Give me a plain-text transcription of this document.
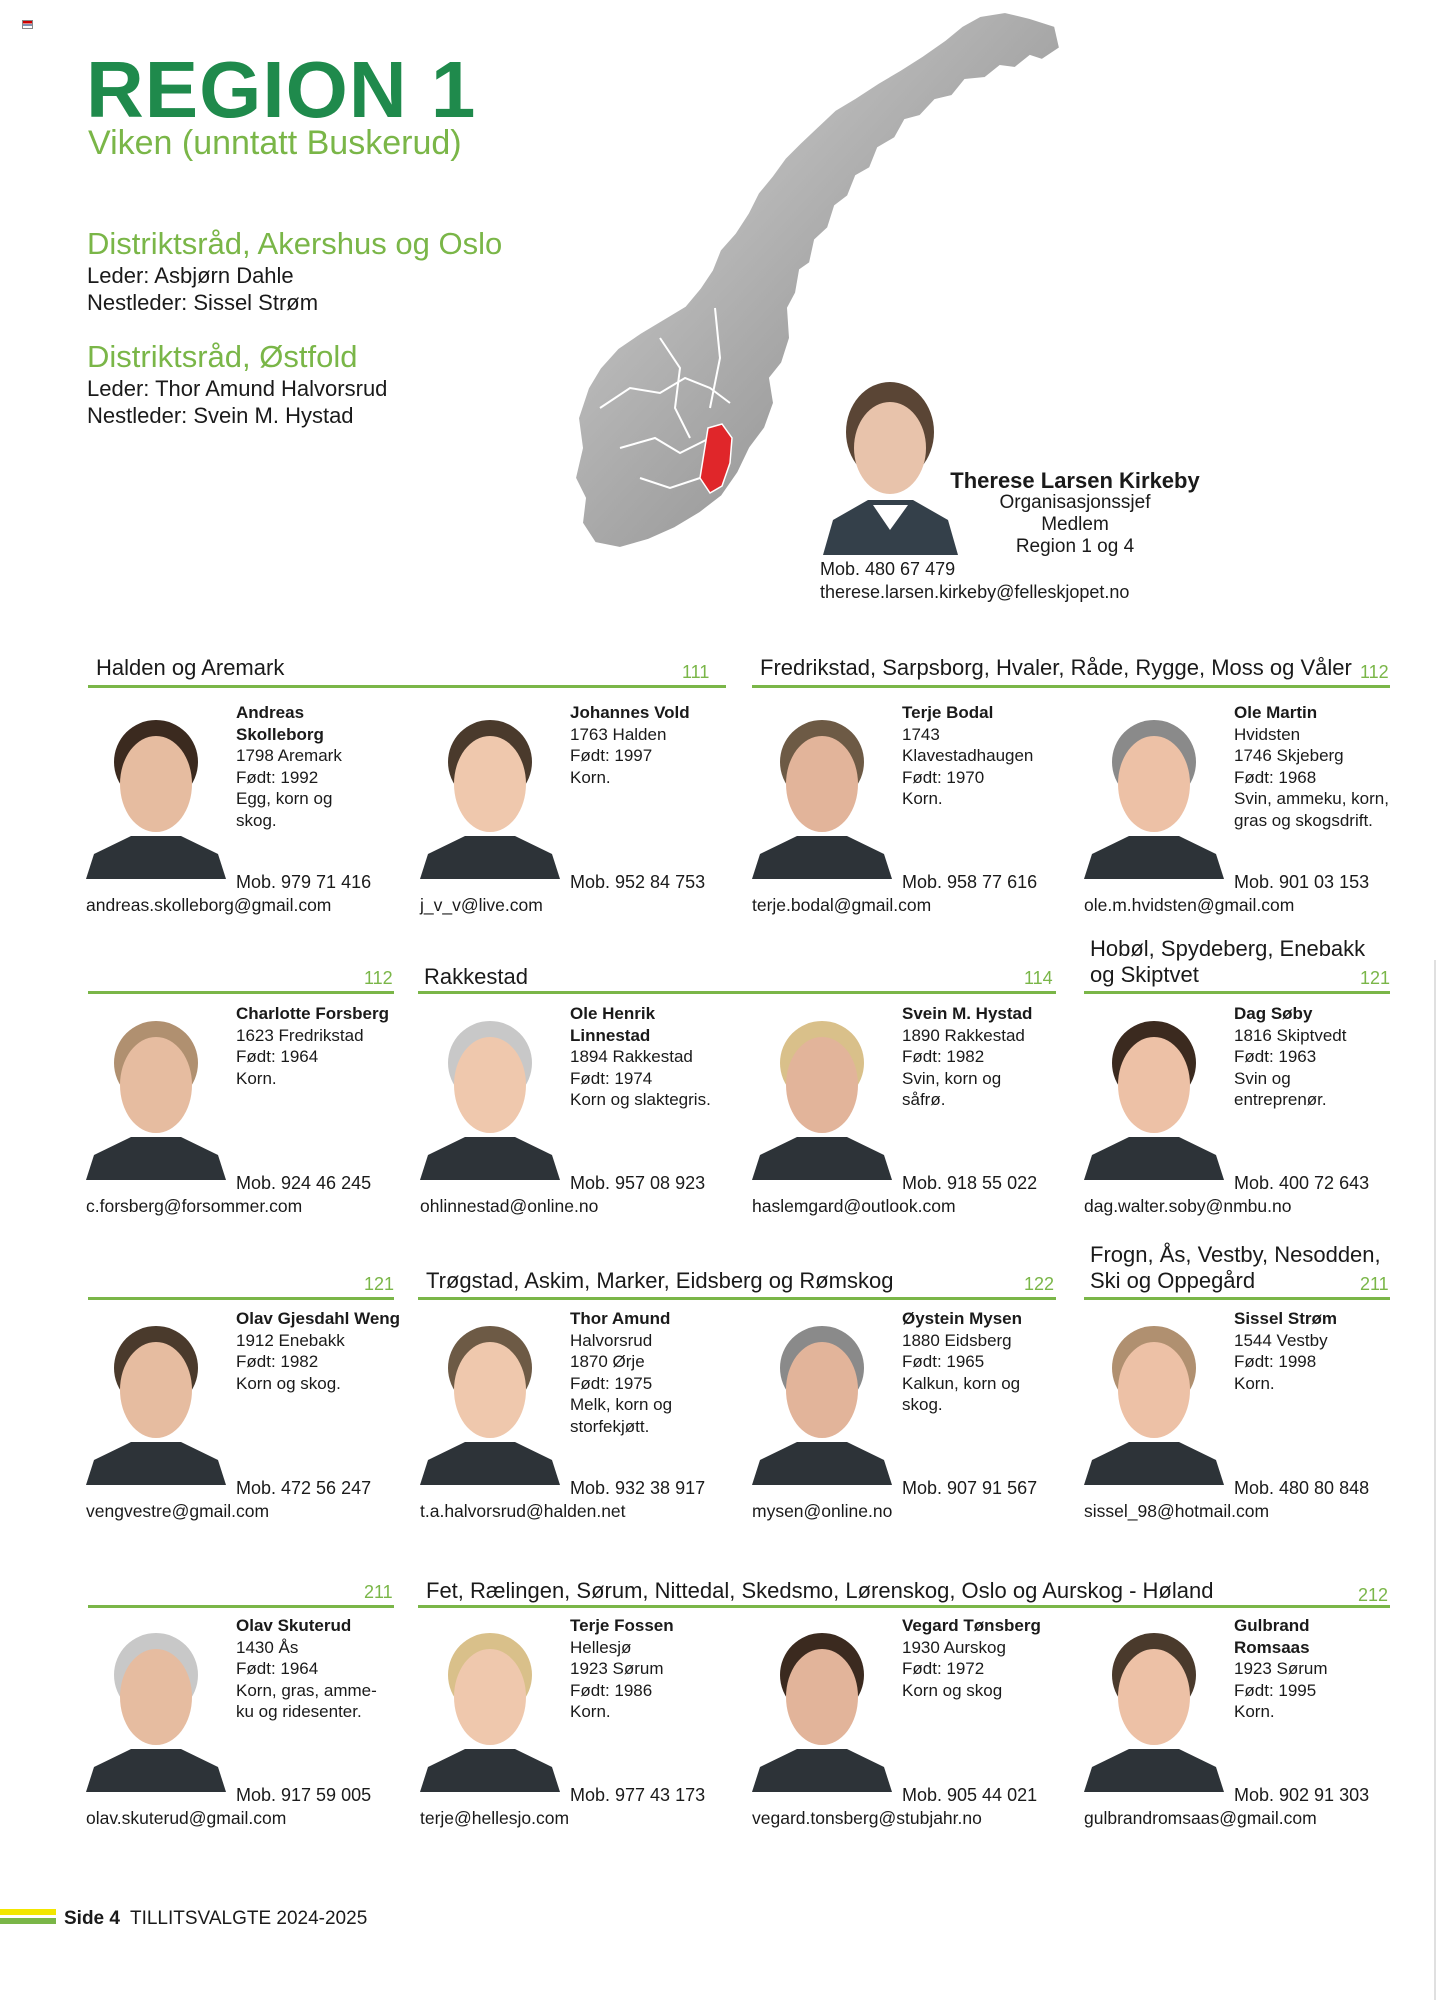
REGION 1
Viken (unntatt Buskerud)
Distriktsråd, Akershus og Oslo
Leder: Asbjørn Dahle
Nestleder: Sissel Strøm
Distriktsråd, Østfold
Leder: Thor Amund Halvorsrud
Nestleder: Svein M. Hystad
Therese Larsen Kirkeby
Organisasjonssjef
Medlem
Region 1 og 4
Mob. 480 67 479
therese.larsen.kirkeby@felleskjopet.no
Halden og Aremark	111 Fredrikstad, Sarpsborg, Hvaler, Råde, Rygge, Moss og Våler 112
112 Rakkestad	114
Hobøl, Spydeberg, Enebakk
og Skiptvet	121
121 Trøgstad, Askim, Marker, Eidsberg og Rømskog	122
Frogn, Ås, Vestby, Nesodden,
Ski og Oppegård	211
211 Fet, Rælingen, Sørum, Nittedal, Skedsmo, Lørenskog, Oslo og Aurskog - Høland	212
Andreas
Skolleborg
1798 Aremark
Født: 1992
Egg, korn og
skog.
Mob. 979 71 416
andreas.skolleborg@gmail.com
Johannes Vold
1763 Halden
Født: 1997
Korn.
Mob. 952 84 753
j_v_v@live.com
Terje Bodal
1743
Klavestadhaugen
Født: 1970
Korn.
Mob. 958 77 616
terje.bodal@gmail.com
Ole Martin
Hvidsten
1746 Skjeberg
Født: 1968
Svin, ammeku, korn,
gras og skogsdrift.
Mob. 901 03 153
ole.m.hvidsten@gmail.com
Charlotte Forsberg
1623 Fredrikstad
Født: 1964
Korn.
Mob. 924 46 245
c.forsberg@forsommer.com
Ole Henrik Linnestad
1894 Rakkestad
Født: 1974
Korn og slaktegris.
Mob. 957 08 923
ohlinnestad@online.no
Svein M. Hystad
1890 Rakkestad
Født: 1982
Svin, korn og
såfrø.
Mob. 918 55 022
haslemgard@outlook.com
Dag Søby
1816 Skiptvedt
Født: 1963
Svin og
entreprenør.
Mob. 400 72 643
dag.walter.soby@nmbu.no
Olav Gjesdahl Weng
1912 Enebakk
Født: 1982
Korn og skog.
Mob. 472 56 247
vengvestre@gmail.com
Thor Amund
Halvorsrud
1870 Ørje
Født: 1975
Melk, korn og
storfekjøtt.
Mob. 932 38 917
t.a.halvorsrud@halden.net
Øystein Mysen
1880 Eidsberg
Født: 1965
Kalkun, korn og
skog.
Mob. 907 91 567
mysen@online.no
Sissel Strøm
1544 Vestby
Født: 1998
Korn.
Mob. 480 80 848
sissel_98@hotmail.com
Olav Skuterud
1430 Ås
Født: 1964
Korn, gras, amme-
ku og ridesenter.
Mob. 917 59 005
olav.skuterud@gmail.com
Terje Fossen
Hellesjø
1923 Sørum
Født: 1986
Korn.
Mob. 977 43 173
terje@hellesjo.com
Vegard Tønsberg
1930 Aurskog
Født: 1972
Korn og skog
Mob. 905 44 021
vegard.tonsberg@stubjahr.no
Gulbrand
Romsaas
1923 Sørum
Født: 1995
Korn.
Mob. 902 91 303
gulbrandromsaas@gmail.com
Side 4 TILLITSVALGTE 2024-2025
